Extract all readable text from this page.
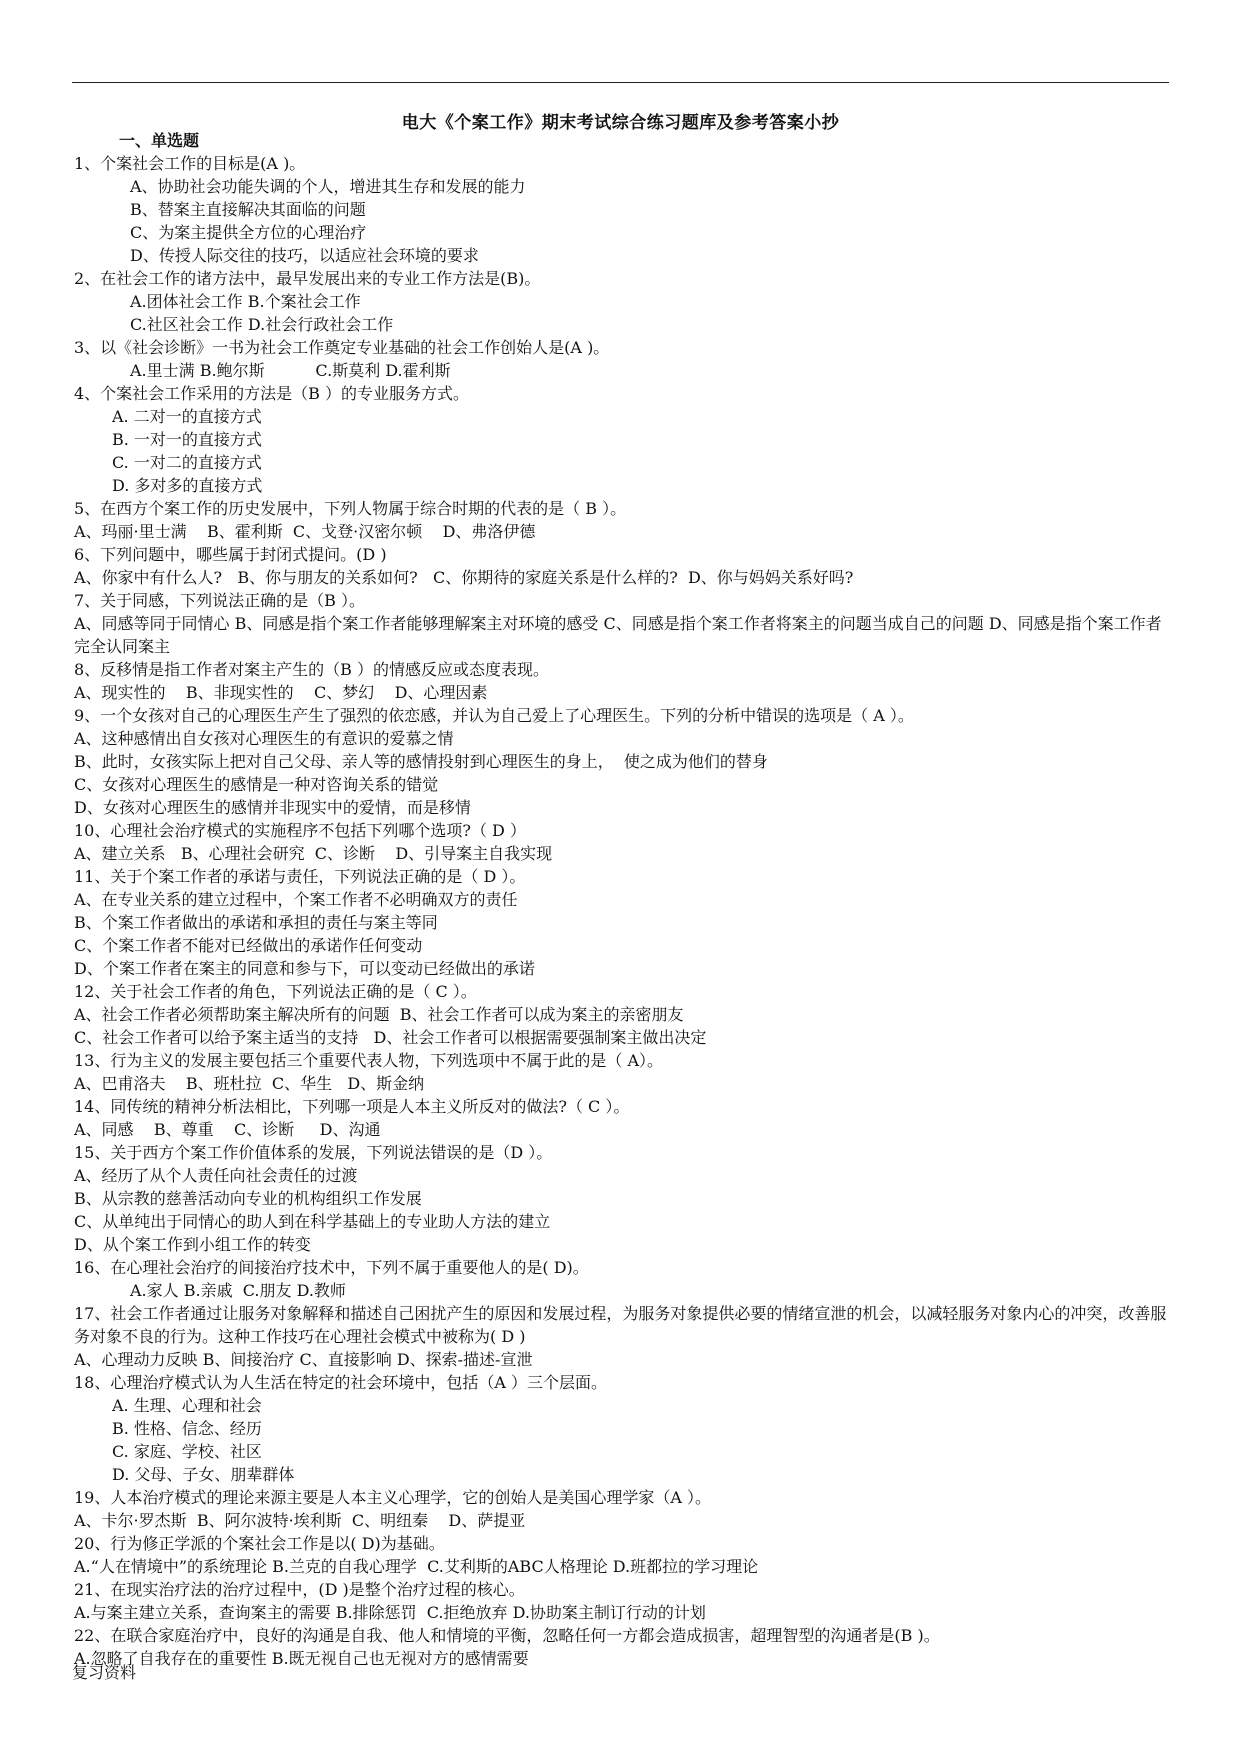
电大《个案工作》期末考试综合练习题库及参考答案小抄
一、单选题
1、个案社会工作的目标是(A )。
A、协助社会功能失调的个人，增进其生存和发展的能力
B、替案主直接解决其面临的问题
C、为案主提供全方位的心理治疗
D、传授人际交往的技巧，以适应社会环境的要求
2、在社会工作的诸方法中，最早发展出来的专业工作方法是(B)。
A.团体社会工作 B.个案社会工作
C.社区社会工作 D.社会行政社会工作
3、以《社会诊断》一书为社会工作奠定专业基础的社会工作创始人是(A )。
A.里士满 B.鲍尔斯          C.斯莫利 D.霍利斯
4、个案社会工作采用的方法是（B ）的专业服务方式。
A. 二对一的直接方式
B. 一对一的直接方式
C. 一对二的直接方式
D. 多对多的直接方式
5、在西方个案工作的历史发展中，下列人物属于综合时期的代表的是（ B ）。
A、玛丽·里士满    B、霍利斯  C、戈登·汉密尔顿    D、弗洛伊德
6、下列问题中，哪些属于封闭式提问。(D )
A、你家中有什么人?   B、你与朋友的关系如何?   C、你期待的家庭关系是什么样的?  D、你与妈妈关系好吗?
7、关于同感，下列说法正确的是（B ）。
A、同感等同于同情心 B、同感是指个案工作者能够理解案主对环境的感受 C、同感是指个案工作者将案主的问题当成自己的问题 D、同感是指个案工作者完全认同案主
8、反移情是指工作者对案主产生的（B ）的情感反应或态度表现。
A、现实性的    B、非现实性的    C、梦幻    D、心理因素
9、一个女孩对自己的心理医生产生了强烈的依恋感，并认为自己爱上了心理医生。下列的分析中错误的选项是（ A ）。
A、这种感情出自女孩对心理医生的有意识的爱慕之情
B、此时，女孩实际上把对自己父母、亲人等的感情投射到心理医生的身上，  使之成为他们的替身
C、女孩对心理医生的感情是一种对咨询关系的错觉
D、女孩对心理医生的感情并非现实中的爱情，而是移情
10、心理社会治疗模式的实施程序不包括下列哪个选项?（ D ）
A、建立关系   B、心理社会研究  C、诊断    D、引导案主自我实现
11、关于个案工作者的承诺与责任，下列说法正确的是（ D ）。
A、在专业关系的建立过程中，个案工作者不必明确双方的责任
B、个案工作者做出的承诺和承担的责任与案主等同
C、个案工作者不能对已经做出的承诺作任何变动
D、个案工作者在案主的同意和参与下，可以变动已经做出的承诺
12、关于社会工作者的角色，下列说法正确的是（ C ）。
A、社会工作者必须帮助案主解决所有的问题  B、社会工作者可以成为案主的亲密朋友
C、社会工作者可以给予案主适当的支持   D、社会工作者可以根据需要强制案主做出决定
13、行为主义的发展主要包括三个重要代表人物，下列选项中不属于此的是（ A）。
A、巴甫洛夫    B、班杜拉  C、华生   D、斯金纳
14、同传统的精神分析法相比，下列哪一项是人本主义所反对的做法?（ C ）。
A、同感    B、尊重    C、诊断     D、沟通
15、关于西方个案工作价值体系的发展，下列说法错误的是（D ）。
A、经历了从个人责任向社会责任的过渡
B、从宗教的慈善活动向专业的机构组织工作发展
C、从单纯出于同情心的助人到在科学基础上的专业助人方法的建立
D、从个案工作到小组工作的转变
16、在心理社会治疗的间接治疗技术中，下列不属于重要他人的是( D)。
A.家人 B.亲戚  C.朋友 D.教师
17、社会工作者通过让服务对象解释和描述自己困扰产生的原因和发展过程，为服务对象提供必要的情绪宣泄的机会，以减轻服务对象内心的冲突，改善服务对象不良的行为。这种工作技巧在心理社会模式中被称为( D )
A、心理动力反映 B、间接治疗 C、直接影响 D、探索-描述-宣泄
18、心理治疗模式认为人生活在特定的社会环境中，包括（A ）三个层面。
A. 生理、心理和社会
B. 性格、信念、经历
C. 家庭、学校、社区
D. 父母、子女、朋辈群体
19、人本治疗模式的理论来源主要是人本主义心理学，它的创始人是美国心理学家（A ）。
A、卡尔·罗杰斯  B、阿尔波特·埃利斯  C、明纽秦    D、萨提亚
20、行为修正学派的个案社会工作是以( D)为基础。
A.“人在情境中”的系统理论 B.兰克的自我心理学  C.艾利斯的ABC人格理论 D.班都拉的学习理论
21、在现实治疗法的治疗过程中，(D )是整个治疗过程的核心。
A.与案主建立关系，查询案主的需要 B.排除惩罚  C.拒绝放弃 D.协助案主制订行动的计划
22、在联合家庭治疗中，良好的沟通是自我、他人和情境的平衡，忽略任何一方都会造成损害，超理智型的沟通者是(B )。
A.忽略了自我存在的重要性 B.既无视自己也无视对方的感情需要
复习资料
